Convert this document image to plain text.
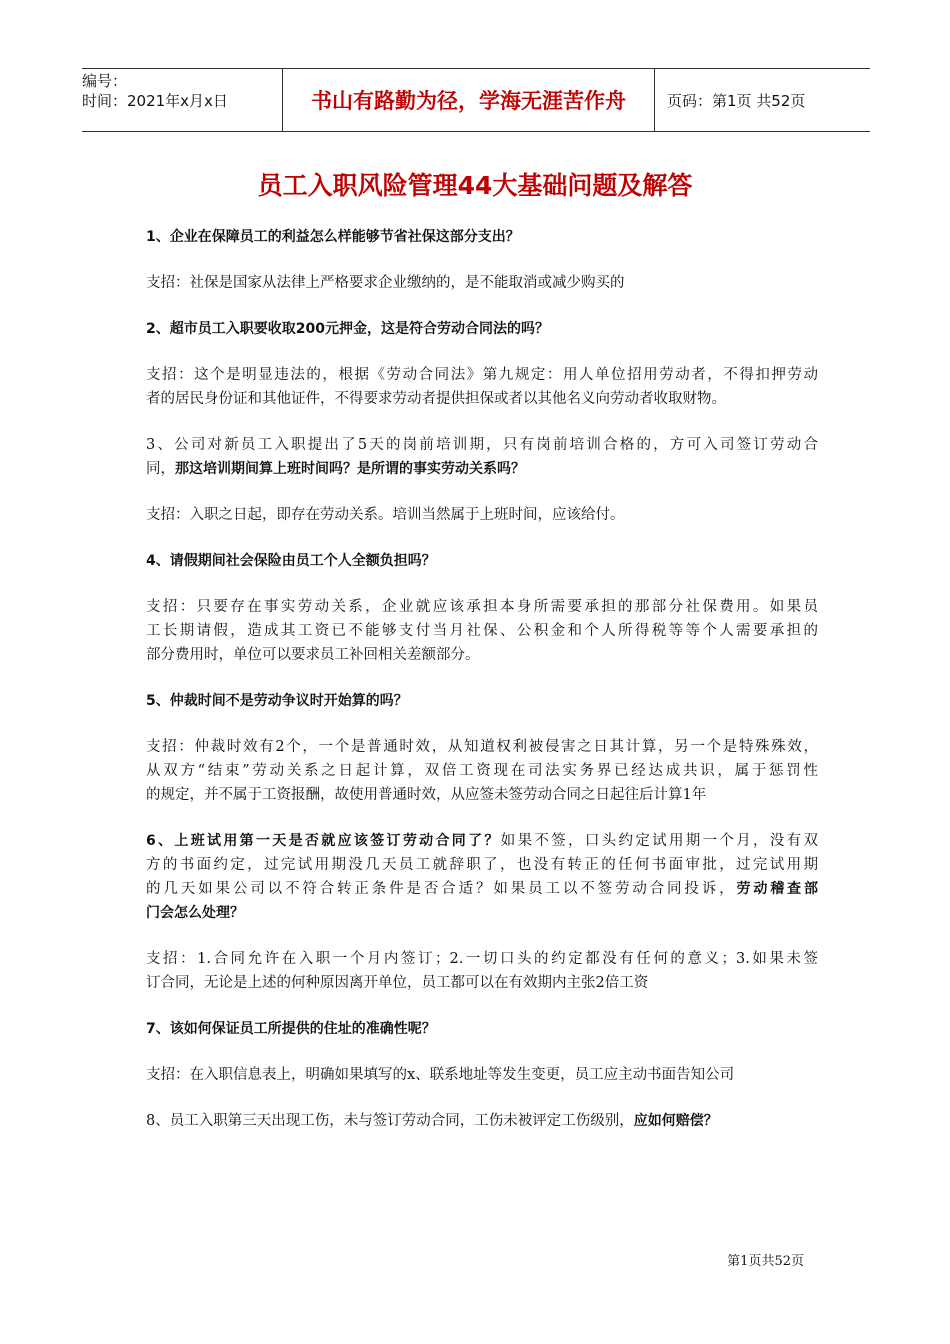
编号：
时间：2021年x月x日	书山有路勤为径，学海无涯苦作舟	页码：第1页 共52页
员工入职风险管理44大基础问题及解答
1、企业在保障员工的利益怎么样能够节省社保这部分支出？
支招：社保是国家从法律上严格要求企业缴纳的，是不能取消或减少购买的
2、超市员工入职要收取200元押金，这是符合劳动合同法的吗？
支招：这个是明显违法的，根据《劳动合同法》第九规定：用人单位招用劳动者，不得扣押劳动
者的居民身份证和其他证件，不得要求劳动者提供担保或者以其他名义向劳动者收取财物。
3、公司对新员工入职提出了5天的岗前培训期，只有岗前培训合格的，方可入司签订劳动合
同，那这培训期间算上班时间吗？是所谓的事实劳动关系吗？
支招：入职之日起，即存在劳动关系。培训当然属于上班时间，应该给付。
4、请假期间社会保险由员工个人全额负担吗？
支招：只要存在事实劳动关系，企业就应该承担本身所需要承担的那部分社保费用。如果员
工长期请假，造成其工资已不能够支付当月社保、公积金和个人所得税等等个人需要承担的
部分费用时，单位可以要求员工补回相关差额部分。
5、仲裁时间不是劳动争议时开始算的吗？
支招：仲裁时效有2个，一个是普通时效，从知道权利被侵害之日其计算，另一个是特殊殊效，
从双方“结束”劳动关系之日起计算，双倍工资现在司法实务界已经达成共识，属于惩罚性
的规定，并不属于工资报酬，故使用普通时效，从应签未签劳动合同之日起往后计算1年
6、上班试用第一天是否就应该签订劳动合同了？如果不签，口头约定试用期一个月，没有双
方的书面约定，过完试用期没几天员工就辞职了，也没有转正的任何书面审批，过完试用期
的几天如果公司以不符合转正条件是否合适？如果员工以不签劳动合同投诉，劳动稽查部
门会怎么处理？
支招：1.合同允许在入职一个月内签订；2.一切口头的约定都没有任何的意义；3.如果未签
订合同，无论是上述的何种原因离开单位，员工都可以在有效期内主张2倍工资
7、该如何保证员工所提供的住址的准确性呢？
支招：在入职信息表上，明确如果填写的x、联系地址等发生变更，员工应主动书面告知公司
8、员工入职第三天出现工伤，未与签订劳动合同，工伤未被评定工伤级别，应如何赔偿？
第1页共52页
